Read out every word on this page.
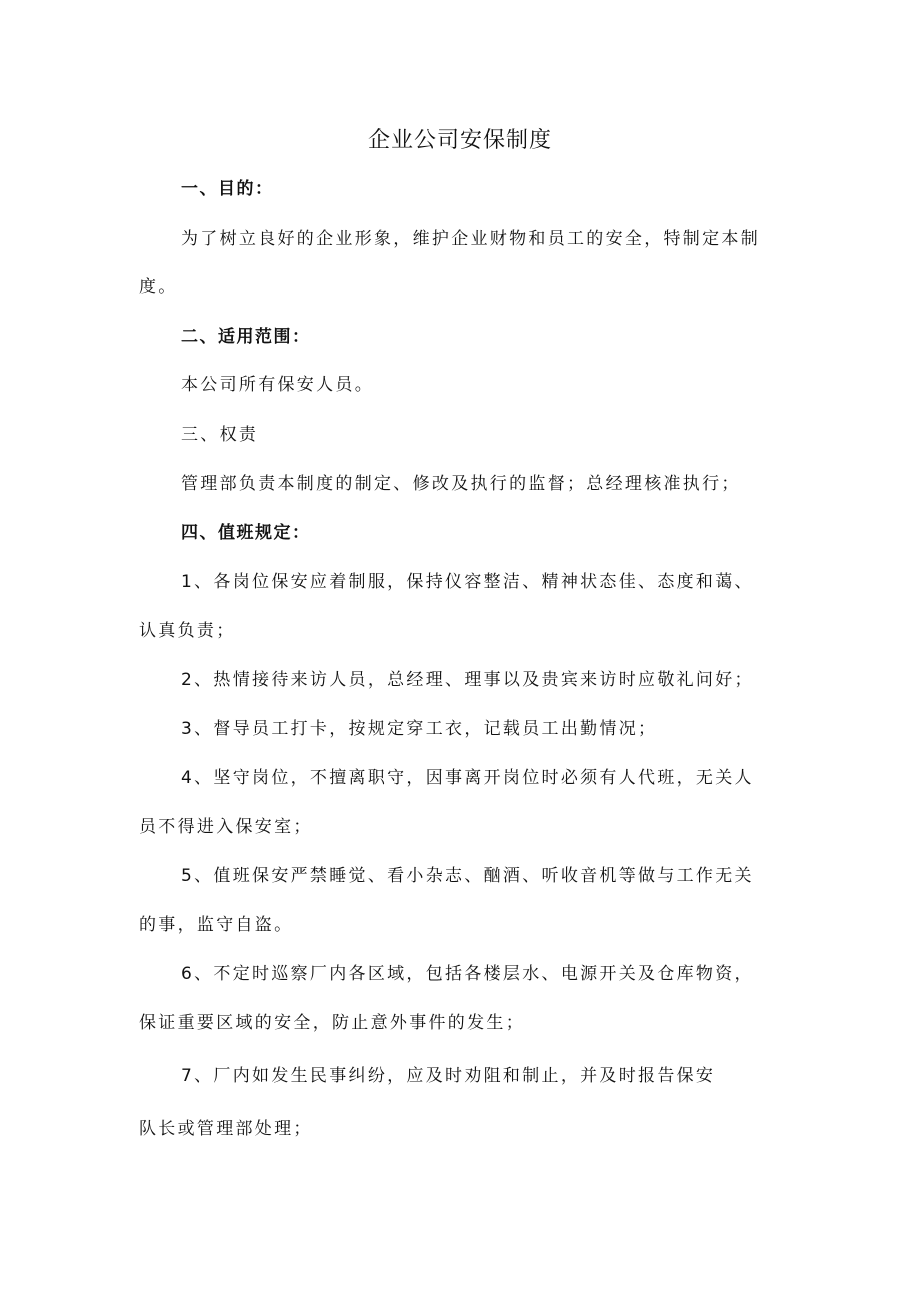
企业公司安保制度
一、目的：
为了树立良好的企业形象，维护企业财物和员工的安全，特制定本制
度。
二、适用范围：
本公司所有保安人员。
三、权责
管理部负责本制度的制定、修改及执行的监督；总经理核准执行；
四、值班规定：
1、各岗位保安应着制服，保持仪容整洁、精神状态佳、态度和蔼、
认真负责；
2、热情接待来访人员，总经理、理事以及贵宾来访时应敬礼问好；
3、督导员工打卡，按规定穿工衣，记载员工出勤情况；
4、坚守岗位，不擅离职守，因事离开岗位时必须有人代班，无关人
员不得进入保安室；
5、值班保安严禁睡觉、看小杂志、酗酒、听收音机等做与工作无关
的事，监守自盗。
6、不定时巡察厂内各区域，包括各楼层水、电源开关及仓库物资，
保证重要区域的安全，防止意外事件的发生；
7、厂内如发生民事纠纷，应及时劝阻和制止，并及时报告保安
队长或管理部处理；
